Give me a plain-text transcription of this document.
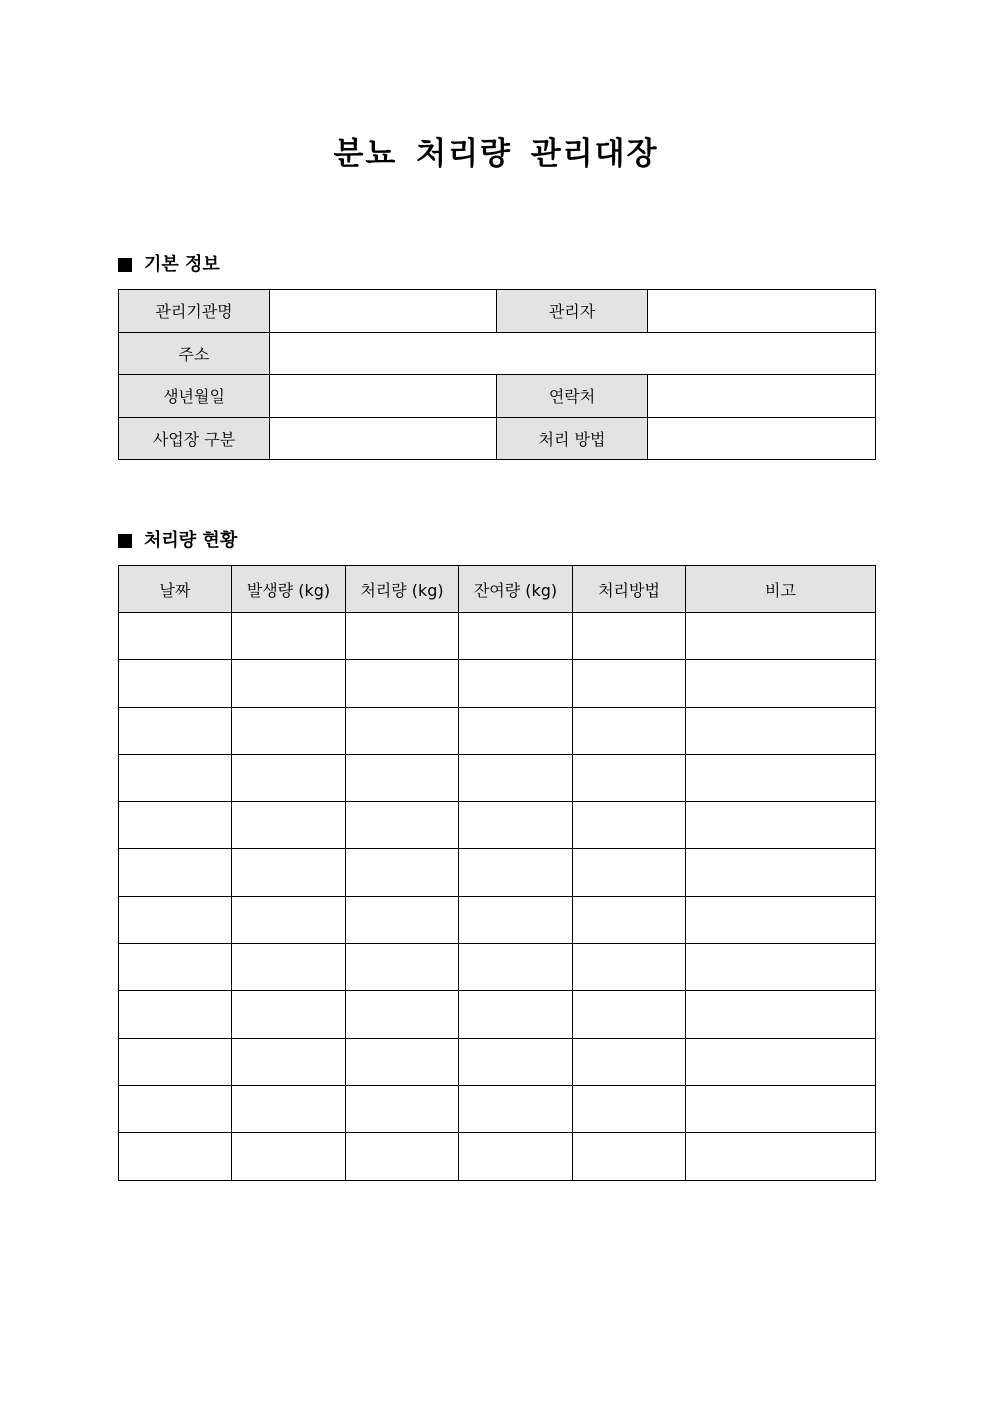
분뇨 처리량 관리대장
기본 정보
관리기관명		관리자	
주소			
생년월일		연락처	
사업장 구분		처리 방법	
처리량 현황
날짜	발생량 (kg)	처리량 (kg)	잔여량 (kg)	처리방법	비고
